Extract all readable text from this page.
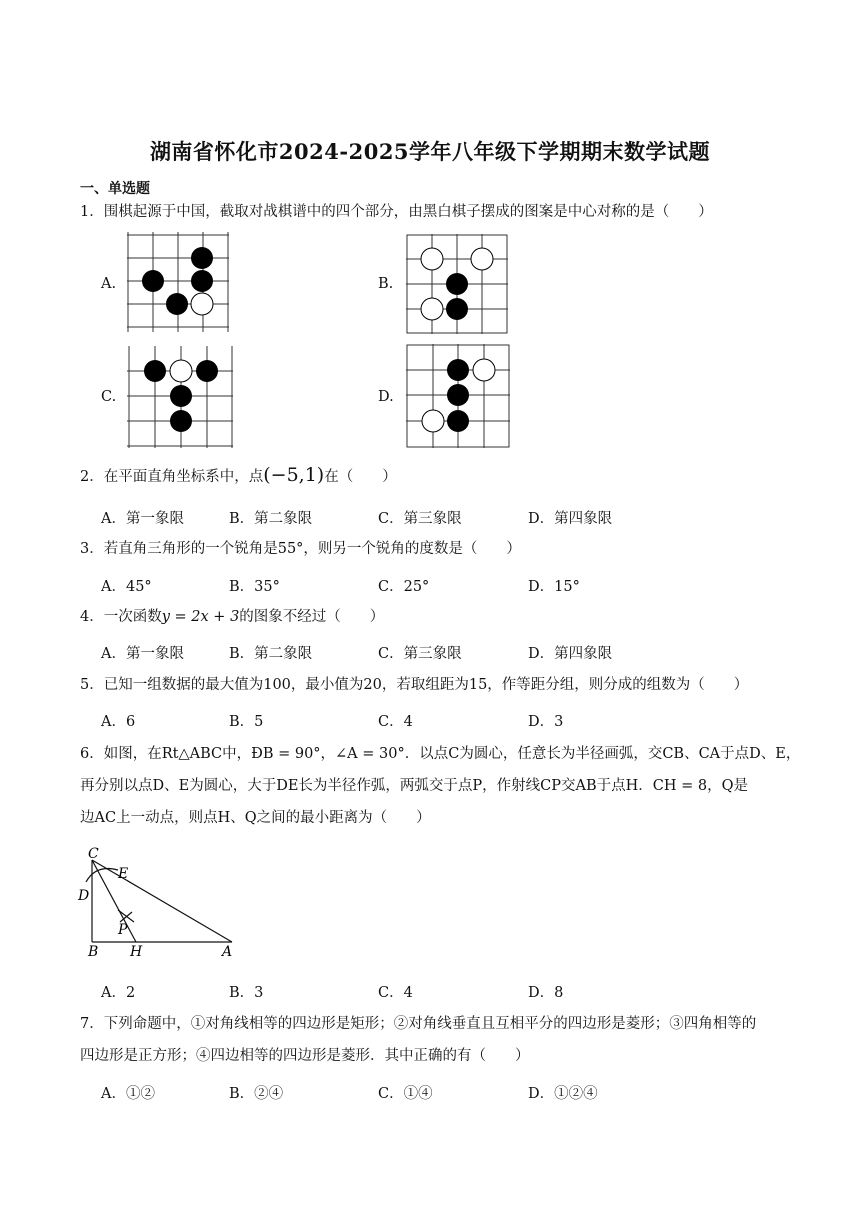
湖南省怀化市2024-2025学年八年级下学期期末数学试题
一、单选题
1．围棋起源于中国，截取对战棋谱中的四个部分，由黑白棋子摆成的图案是中心对称的是（　　）
A.	B.
C.	D.
2．在平面直角坐标系中，点(−5,1)在（　　）
A．第一象限	B．第二象限	C．第三象限	D．第四象限
3．若直角三角形的一个锐角是55°，则另一个锐角的度数是（　　）
A．45°	B．35°	C．25°	D．15°
4．一次函数y = 2x + 3的图象不经过（　　）
A．第一象限	B．第二象限	C．第三象限	D．第四象限
5．已知一组数据的最大值为100，最小值为20，若取组距为15，作等距分组，则分成的组数为（　　）
A．6	B．5	C．4	D．3
6．如图，在Rt△ABC中，ÐB = 90°，∠A = 30°．以点C为圆心，任意长为半径画弧，交CB、CA于点D、E，
再分别以点D、E为圆心，大于DE长为半径作弧，两弧交于点P，作射线CP交AB于点H．CH = 8，Q是
边AC上一动点，则点H、Q之间的最小距离为（　　）
C
E
D
P
B H	A
A．2	B．3	C．4	D．8
7．下列命题中，①对角线相等的四边形是矩形；②对角线垂直且互相平分的四边形是菱形；③四角相等的
四边形是正方形；④四边相等的四边形是菱形．其中正确的有（　　）
A．①②	B．②④	C．①④	D．①②④
